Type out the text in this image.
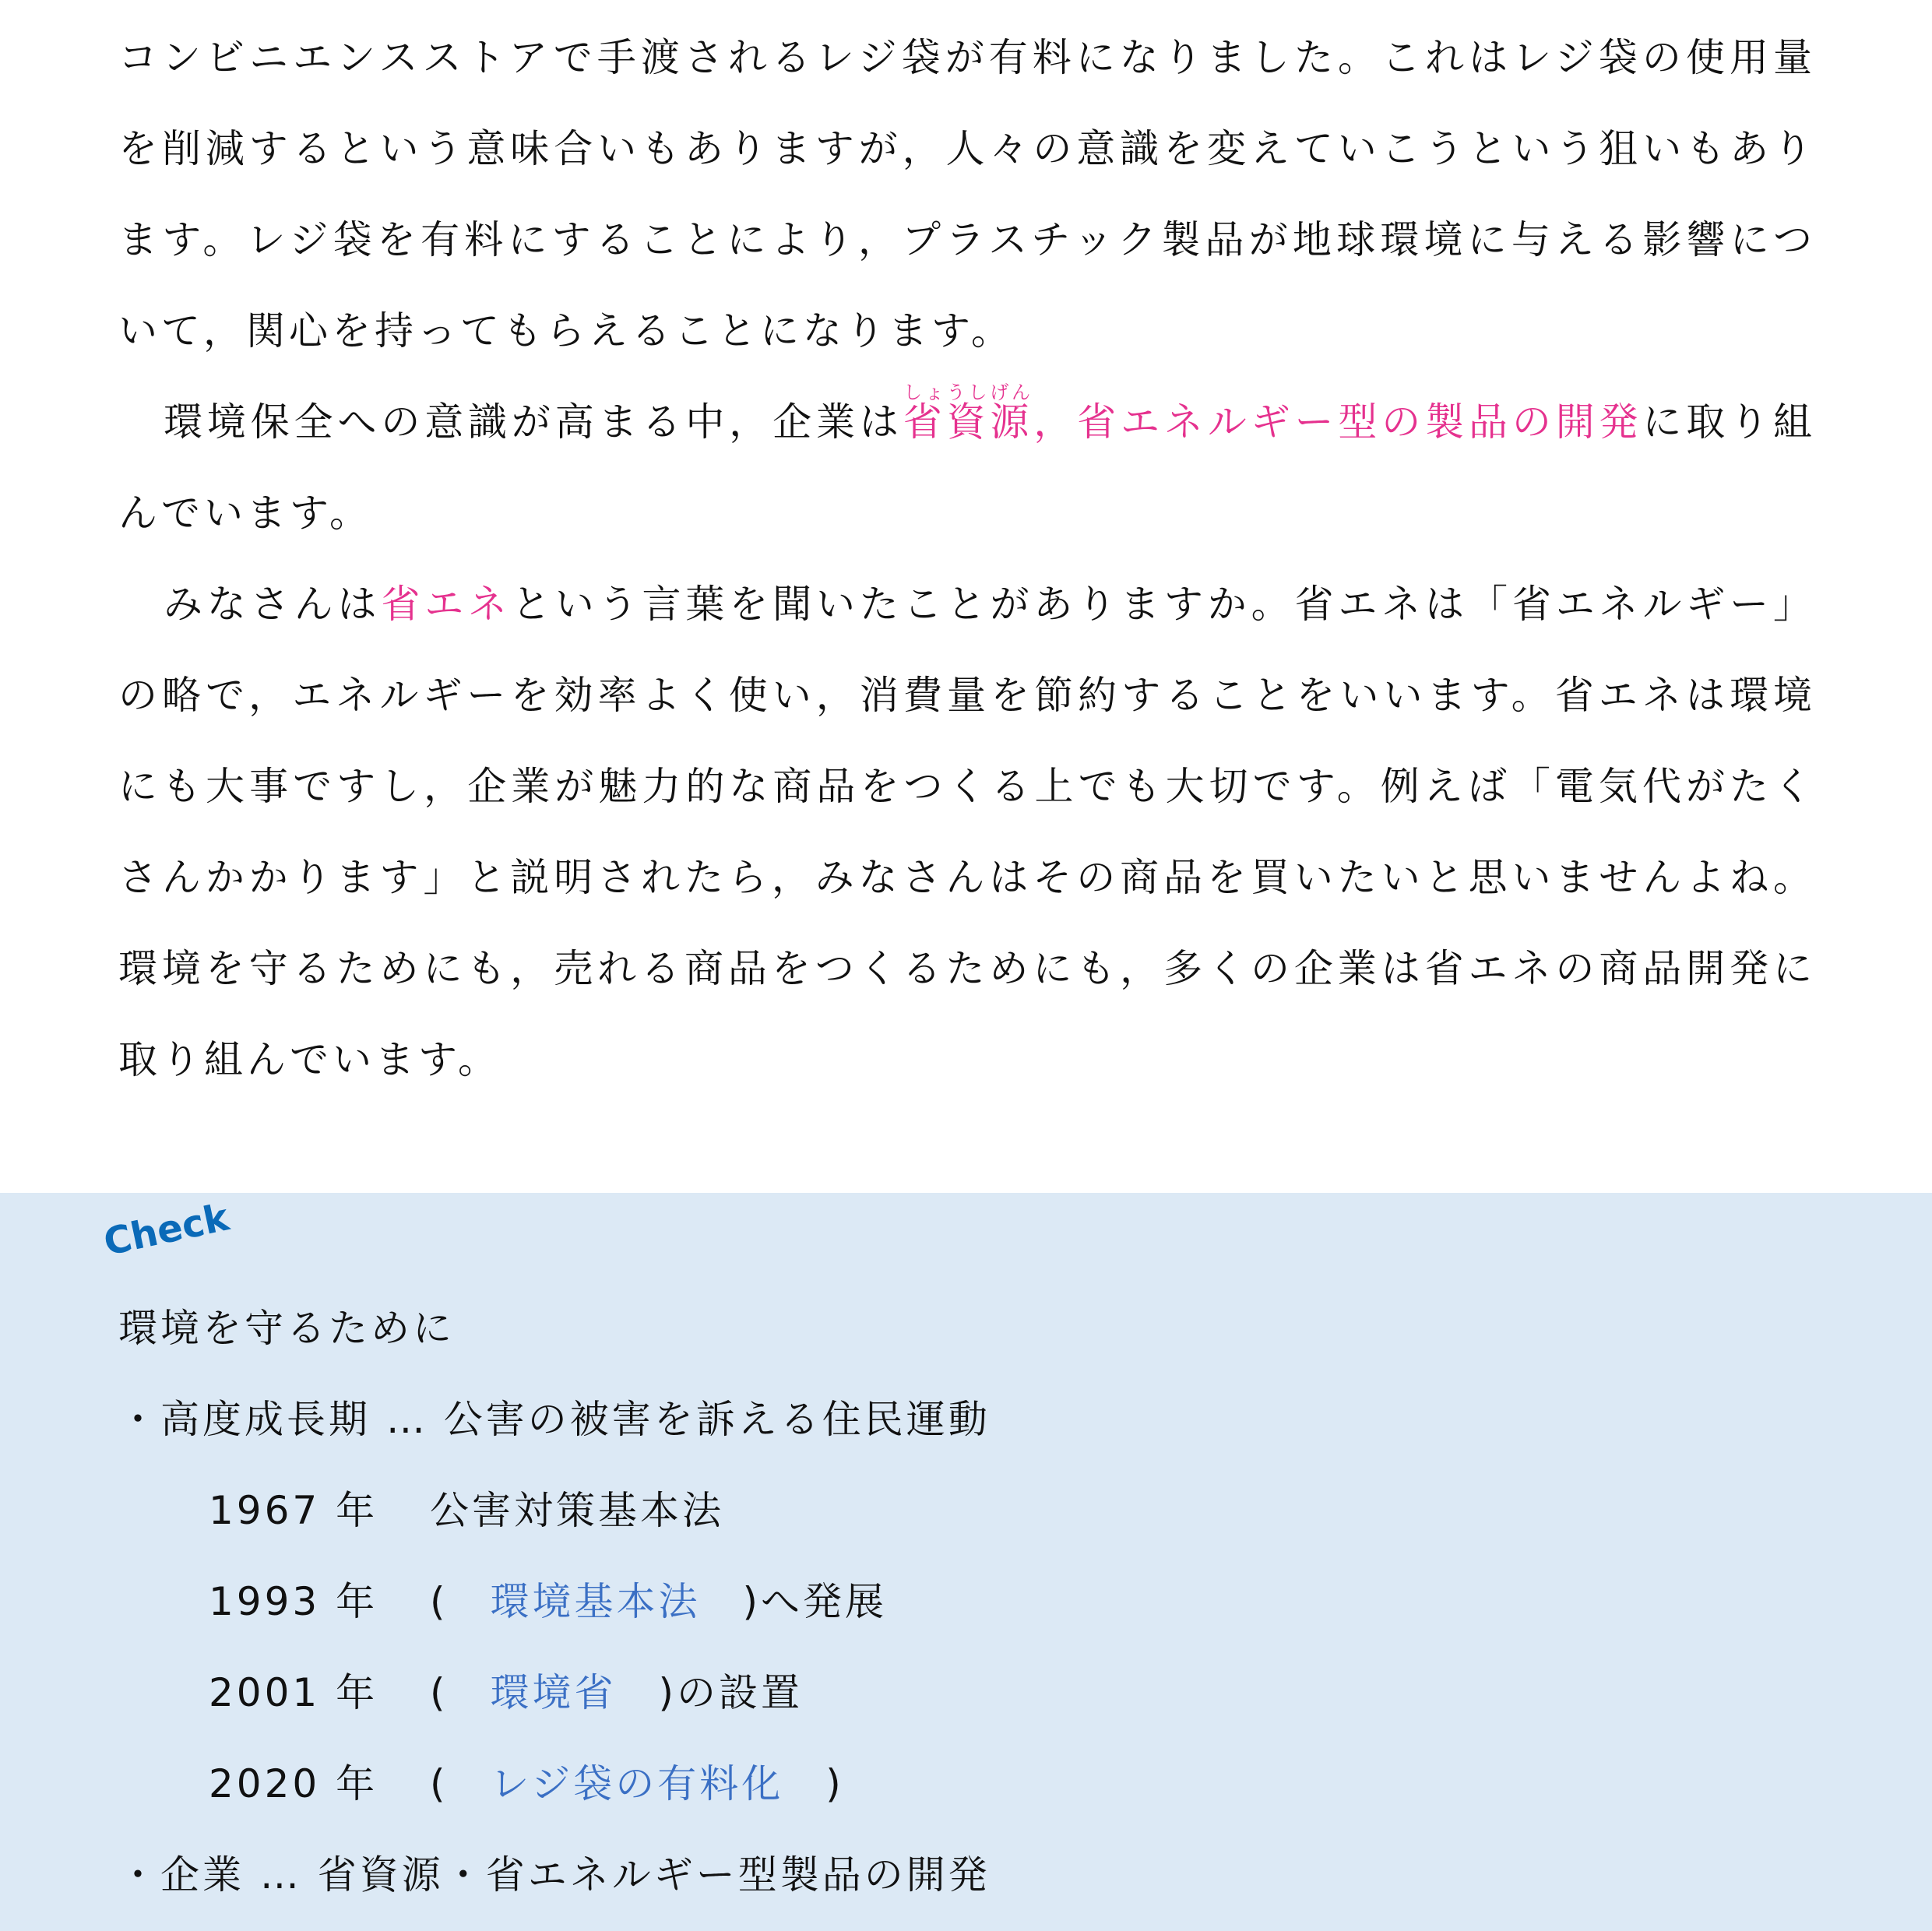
コンビニエンスストアで手渡されるレジ袋が有料になりました。これはレジ袋の使用量を削減するという意味合いもありますが，人々の意識を変えていこうという狙いもあります。レジ袋を有料にすることにより，プラスチック製品が地球環境に与える影響について，関心を持ってもらえることになります。

環境保全への意識が高まる中，企業は省資源しょうしげん，省エネルギー型の製品の開発に取り組んでいます。

みなさんは省エネという言葉を聞いたことがありますか。省エネは「省エネルギー」の略で，エネルギーを効率よく使い，消費量を節約することをいいます。省エネは環境にも大事ですし，企業が魅力的な商品をつくる上でも大切です。例えば「電気代がたくさんかかります」と説明されたら，みなさんはその商品を買いたいと思いませんよね。環境を守るためにも，売れる商品をつくるためにも，多くの企業は省エネの商品開発に取り組んでいます。

Check

環境を守るために

・高度成長期 … 公害の被害を訴える住民運動

1967 年 公害対策基本法

1993 年 (　環境基本法　)へ発展

2001 年 (　環境省　)の設置

2020 年 (　レジ袋の有料化　)

・企業 … 省資源・省エネルギー型製品の開発
